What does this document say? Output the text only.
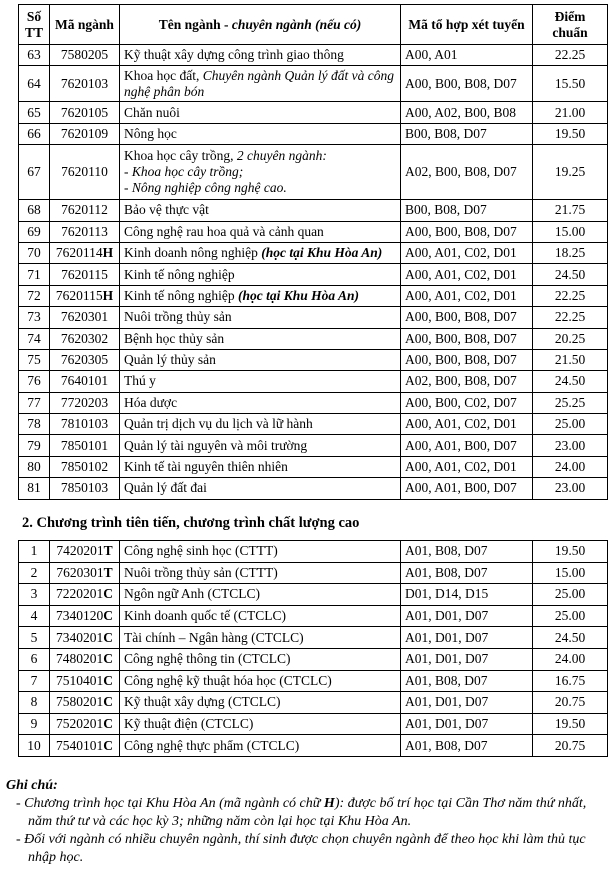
Số TT	Mã ngành	Tên ngành - chuyên ngành (nếu có)	Mã tổ hợp xét tuyển	Điểm chuẩn
63	7580205	Kỹ thuật xây dựng công trình giao thông	A00, A01	22.25
64	7620103	Khoa học đất, Chuyên ngành Quản lý đất và công nghệ phân bón	A00, B00, B08, D07	15.50
65	7620105	Chăn nuôi	A00, A02, B00, B08	21.00
66	7620109	Nông học	B00, B08, D07	19.50
67	7620110	Khoa học cây trồng, 2 chuyên ngành:
- Khoa học cây trồng;
- Nông nghiệp công nghệ cao.	A02, B00, B08, D07	19.25
68	7620112	Bảo vệ thực vật	B00, B08, D07	21.75
69	7620113	Công nghệ rau hoa quả và cảnh quan	A00, B00, B08, D07	15.00
70	7620114H	Kinh doanh nông nghiệp (học tại Khu Hòa An)	A00, A01, C02, D01	18.25
71	7620115	Kinh tế nông nghiệp	A00, A01, C02, D01	24.50
72	7620115H	Kinh tế nông nghiệp (học tại Khu Hòa An)	A00, A01, C02, D01	22.25
73	7620301	Nuôi trồng thủy sản	A00, B00, B08, D07	22.25
74	7620302	Bệnh học thủy sản	A00, B00, B08, D07	20.25
75	7620305	Quản lý thủy sản	A00, B00, B08, D07	21.50
76	7640101	Thú y	A02, B00, B08, D07	24.50
77	7720203	Hóa dược	A00, B00, C02, D07	25.25
78	7810103	Quản trị dịch vụ du lịch và lữ hành	A00, A01, C02, D01	25.00
79	7850101	Quản lý tài nguyên và môi trường	A00, A01, B00, D07	23.00
80	7850102	Kinh tế tài nguyên thiên nhiên	A00, A01, C02, D01	24.00
81	7850103	Quản lý đất đai	A00, A01, B00, D07	23.00
2. Chương trình tiên tiến, chương trình chất lượng cao
1	7420201T	Công nghệ sinh học (CTTT)	A01, B08, D07	19.50
2	7620301T	Nuôi trồng thủy sản (CTTT)	A01, B08, D07	15.00
3	7220201C	Ngôn ngữ Anh (CTCLC)	D01, D14, D15	25.00
4	7340120C	Kinh doanh quốc tế (CTCLC)	A01, D01, D07	25.00
5	7340201C	Tài chính – Ngân hàng (CTCLC)	A01, D01, D07	24.50
6	7480201C	Công nghệ thông tin (CTCLC)	A01, D01, D07	24.00
7	7510401C	Công nghệ kỹ thuật hóa học (CTCLC)	A01, B08, D07	16.75
8	7580201C	Kỹ thuật xây dựng (CTCLC)	A01, D01, D07	20.75
9	7520201C	Kỹ thuật điện (CTCLC)	A01, D01, D07	19.50
10	7540101C	Công nghệ thực phẩm (CTCLC)	A01, B08, D07	20.75
Ghi chú:
- Chương trình học tại Khu Hòa An (mã ngành có chữ H): được bố trí học tại Cần Thơ năm thứ nhất, năm thứ tư và các học kỳ 3; những năm còn lại học tại Khu Hòa An.
- Đối với ngành có nhiều chuyên ngành, thí sinh được chọn chuyên ngành để theo học khi làm thủ tục nhập học.
